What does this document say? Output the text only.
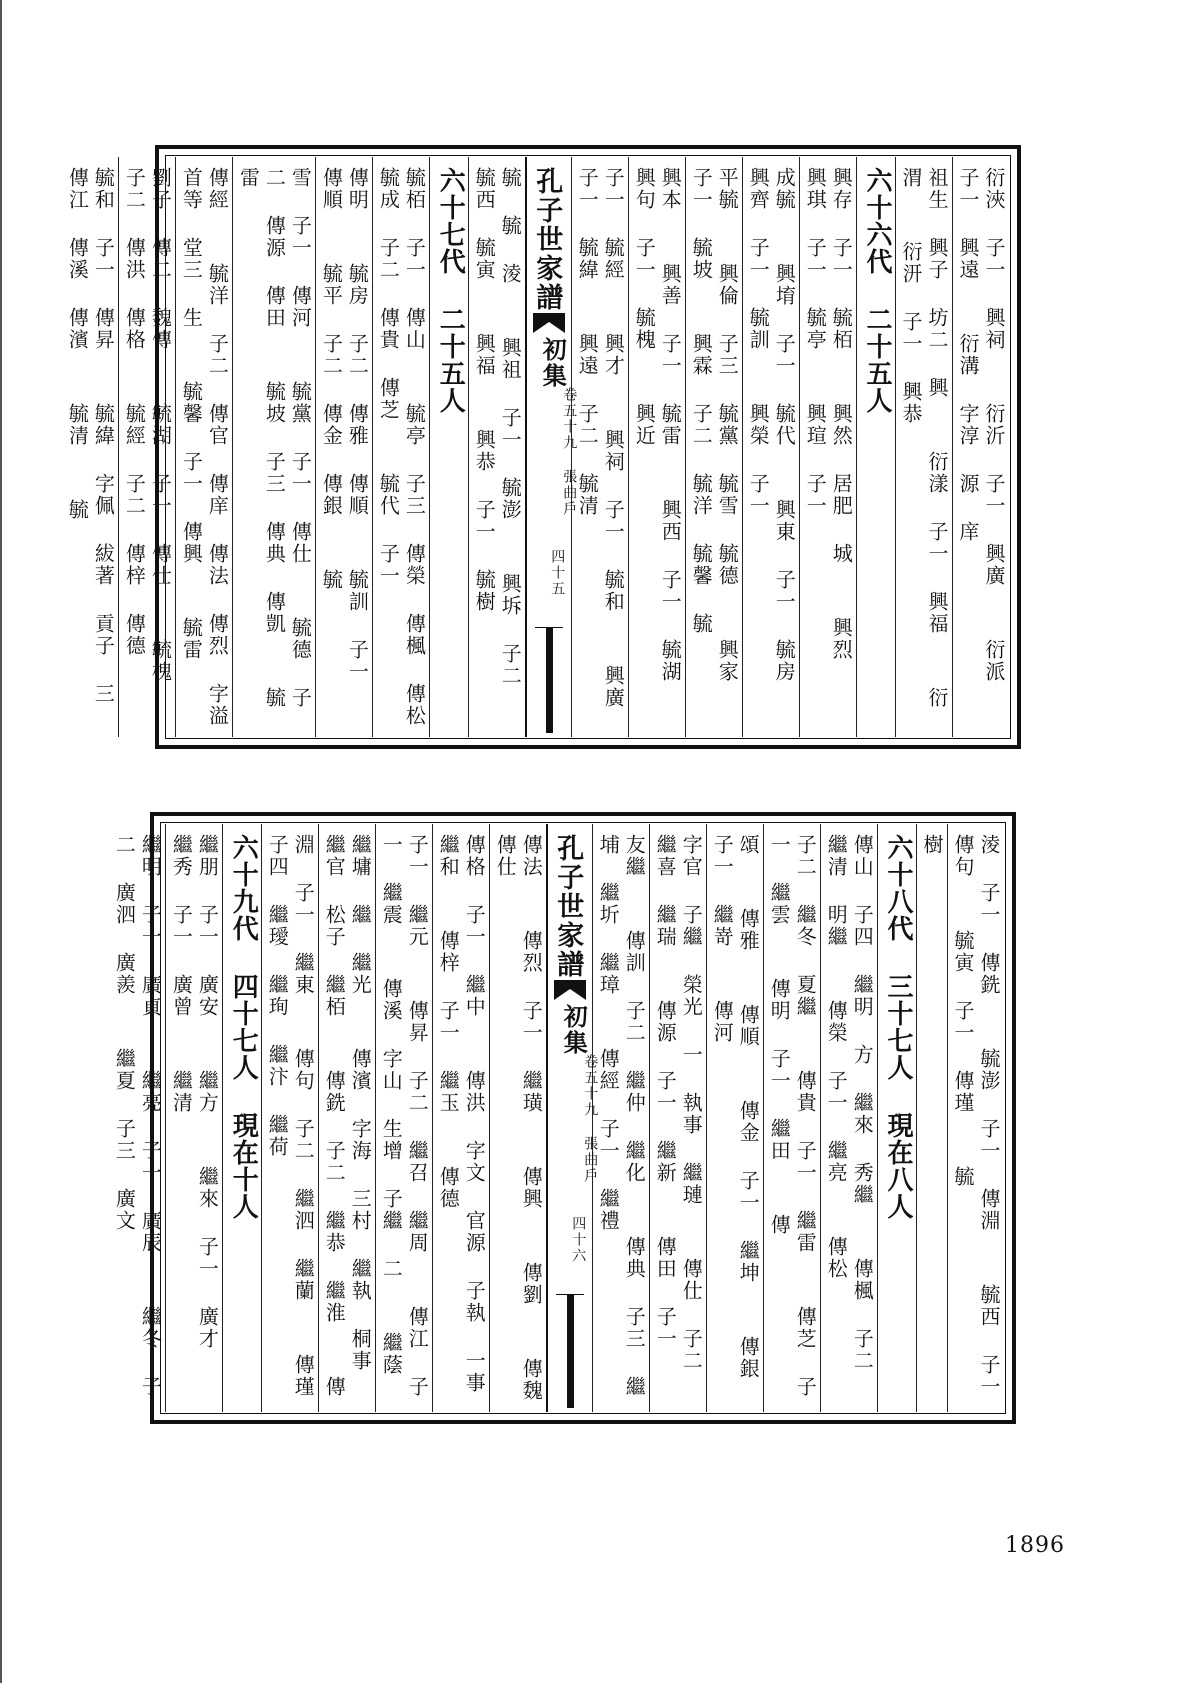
衍浹 子一 興祠  衍沂 子一 興廣  衍派 子一 興遠  衍溝 字淳 源 庠
祖生 興子 坊二 興  衍漾 子一 興福  衍渭  衍汧 子一 興恭
六十六代 二十五人
興存 子一 毓栢  興然 居肥 城  興烈  興琪 子一 毓亭  興瑄 子一
成毓  興堉 子一 毓代  興東 子一 毓房  興齊 子一 毓訓  興榮 子一
平毓  興倫 子三 毓黨 毓雪 毓德  興家 子一 毓坡  興霖 子二 毓洋 毓馨 毓
興本  興善 子一 毓雷  興西 子一 毓湖  興句 子一 毓槐  興近
子一 毓經  興才  興祠 子一 毓和  興廣 子一 毓緯  興遠 子二 毓清
孔子世家譜
初集
卷五十九 張曲戶
四十五
毓 毓 淩  興祖 子一 毓澎  興坼 子二 毓西 毓寅  興福  興恭 子一 毓樹
六十七代 二十五人
毓栢 子一 傳山  毓亭 子三 傳榮 傳楓 傳松  毓成 子二 傳貴 傳芝  毓代 子一
傳明  毓房 子二 傳雅 傳順  毓訓 子一 傳順  毓平 子二 傳金 傳銀  毓
雪 子一 傳河  毓黨 子一 傳仕  毓德 子二 傳源 傳田  毓坡 子三 傳典 傳凱  毓雷
傳經  毓洋 子二 傳官 傳庠 傳法 傳烈 字溢 首等 堂三 生  毓馨 子一 傳興  毓雷
劉子 傳二 魏傳  毓湖 子一 傳仕  毓槐 子二 傳洪 傳格  毓經 子二 傳梓 傳德
毓和 子一 傳昇  毓緯 字佩 紱著 貢子 三 傳江 傳溪 傳濱  毓清  毓
淩 子一 傳銑  毓澎 子一 傳淵  毓西 子一 傳句  毓寅 子一 傳瑾  毓
樹
六十八代 三十七人 現在八人
傳山 子四 繼明 方 繼來 秀繼  傳楓 子二 繼清 明繼  傳榮 子一 繼亮  傳松
子二 繼冬 夏繼  傳貴 子一 繼雷  傳芝 子一 繼雲  傳明 子一 繼田  傳
頌  傳雅  傳順  傳金 子一 繼坤  傳銀 子一 繼嵜  傳河
字官 子繼 榮光 一 執事 繼璉  傳仕 子二 繼喜 繼瑞  傳源 子一 繼新  傳田 子一
友繼  傳訓 子二 繼仲 繼化  傳典 子三 繼埔 繼圻 繼璋  傳經 子一 繼禮
孔子世家譜
初集
卷五十九 張曲戶
四十六
傳法  傳烈 子一 繼璜  傳興  傳劉  傳魏  傳仕
傳格 子一 繼中  傳洪 字文 官源 子執 一事 繼和  傳梓 子一 繼玉  傳德
子一 繼元  傳昇 子二 繼召 繼周  傳江 子一 繼震  傳溪 字山 生增 子繼 二  繼蔭
繼墉 繼 繼光  傳濱 字海 三村 繼執 桐事 繼官 松子 繼栢  傳銑 子二 繼恭 繼淮  傳
淵 子一 繼東  傳句 子二 繼泗 繼蘭  傳瑾 子四 繼璦 繼珣 繼汴 繼荷
六十九代 四十七人 現在十人
繼朋 子一 廣安  繼方  繼來 子一 廣才  繼秀 子一 廣曾  繼清
繼明 子一 廣貞  繼亮 子一 廣辰  繼冬 子二 廣泗 廣羨  繼夏 子三 廣文
1896
